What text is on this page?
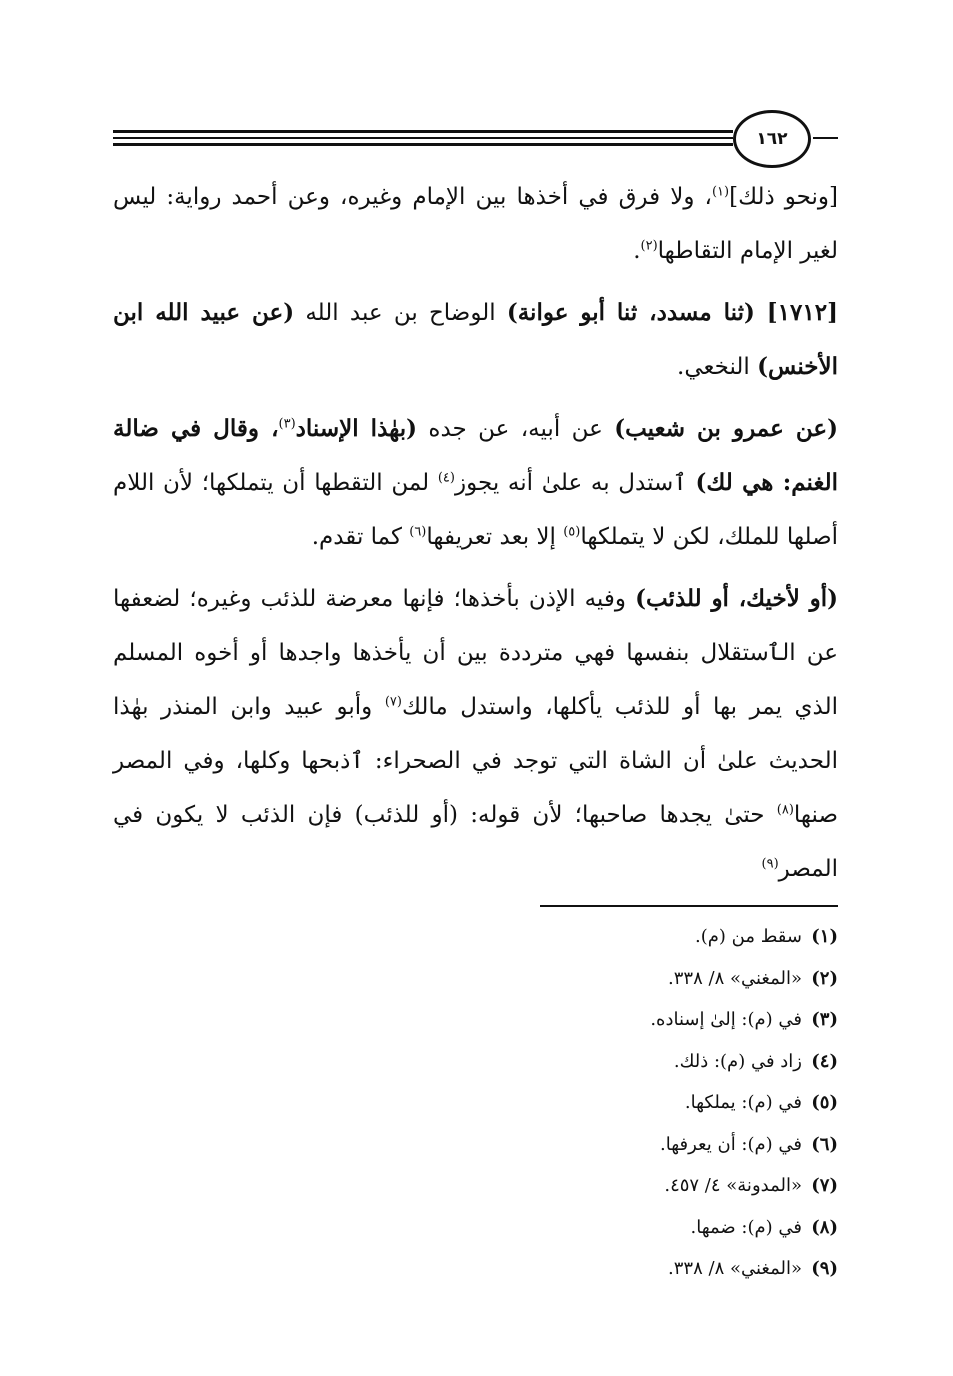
١٦٢

[ونحو ذلك]$^{(١)}$، ولا فرق في أخذها بين الإمام وغيره، وعن أحمد رواية: ليس لغير الإمام التقاطها$^{(٢)}$.

[١٧١٢] (ثنا مسدد، ثنا أبو عوانة) الوضاح بن عبد الله (عن عبيد الله ابن الأخنس) النخعي.

(عن عمرو بن شعيب) عن أبيه، عن جده (بهٰذا الإسناد$^{(٣)}$، وقال في ضالة الغنم: هي لك) ٱستدل به علىٰ أنه يجوز$^{(٤)}$ لمن التقطها أن يتملكها؛ لأن اللام أصلها للملك، لكن لا يتملكها$^{(٥)}$ إلا بعد تعريفها$^{(٦)}$ كما تقدم.

(أو لأخيك، أو للذئب) وفيه الإذن بأخذها؛ فإنها معرضة للذئب وغيره؛ لضعفها عن الٱستقلال بنفسها فهي مترددة بين أن يأخذها واجدها أو أخوه المسلم الذي يمر بها أو للذئب يأكلها، واستدل مالك$^{(٧)}$ وأبو عبيد وابن المنذر بهٰذا الحديث علىٰ أن الشاة التي توجد في الصحراء: ٱذبحها وكلها، وفي المصر صنها$^{(٨)}$ حتىٰ يجدها صاحبها؛ لأن قوله: (أو للذئب) فإن الذئب لا يكون في المصر$^{(٩)}$

(١)سقط من (م).
(٢)«المغني» ٨/ ٣٣٨.
(٣)في (م): إلىٰ إسناده.
(٤)زاد في (م): ذلك.
(٥)في (م): يملكها.
(٦)في (م): أن يعرفها.
(٧)«المدونة» ٤/ ٤٥٧.
(٨)في (م): ضمها.
(٩)«المغني» ٨/ ٣٣٨.
